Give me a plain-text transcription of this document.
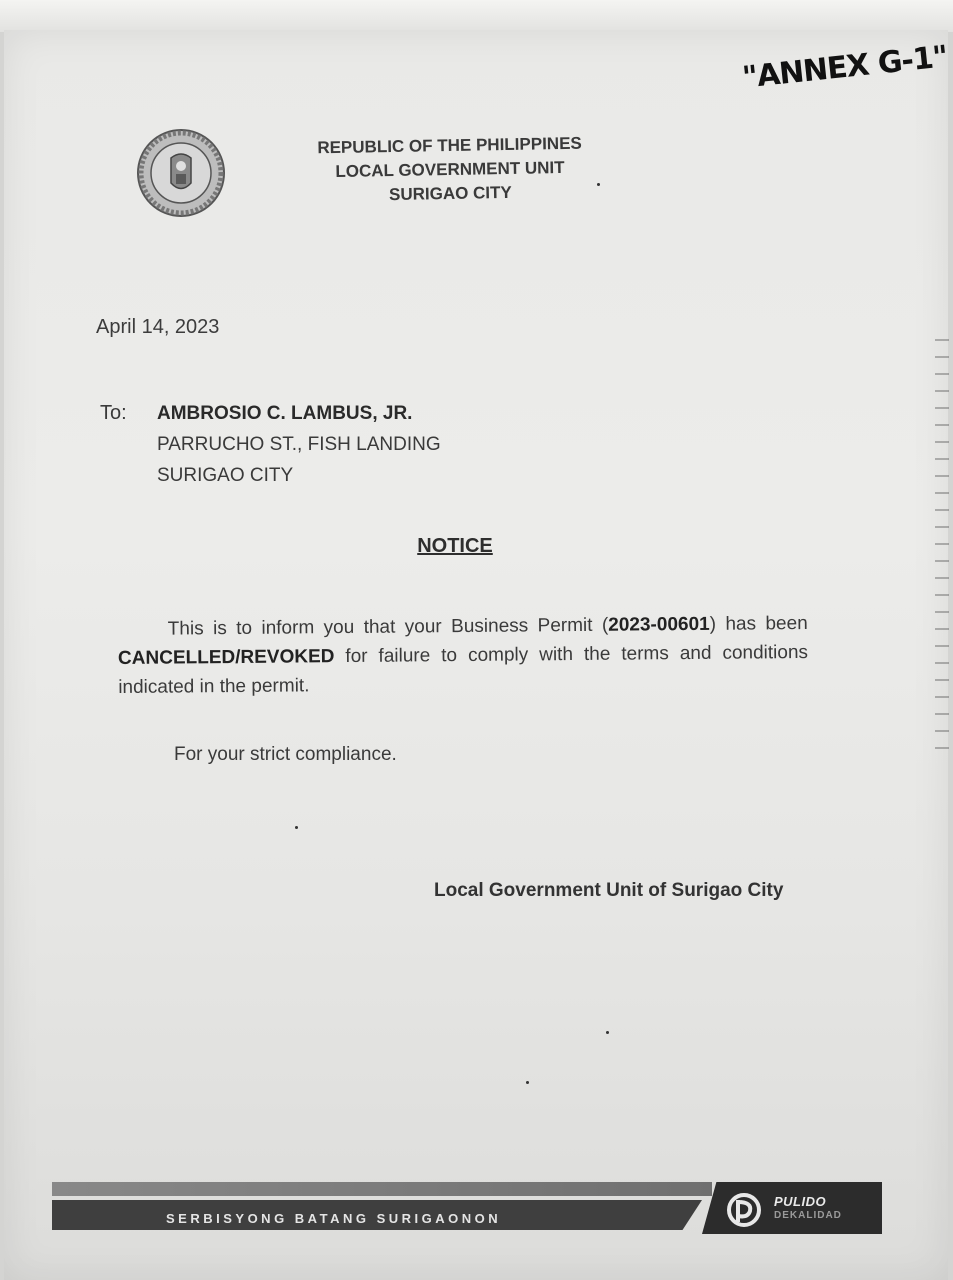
"ANNEX G-1"
REPUBLIC OF THE PHILIPPINES
LOCAL GOVERNMENT UNIT
SURIGAO CITY
April 14, 2023
To: AMBROSIO C. LAMBUS, JR.
PARRUCHO ST., FISH LANDING
SURIGAO CITY
NOTICE
This is to inform you that your Business Permit (2023-00601) has been CANCELLED/REVOKED for failure to comply with the terms and conditions indicated in the permit.
For your strict compliance.
Local Government Unit of Surigao City
SERBISYONG BATANG SURIGAONON
PULIDO
DEKALIDAD
